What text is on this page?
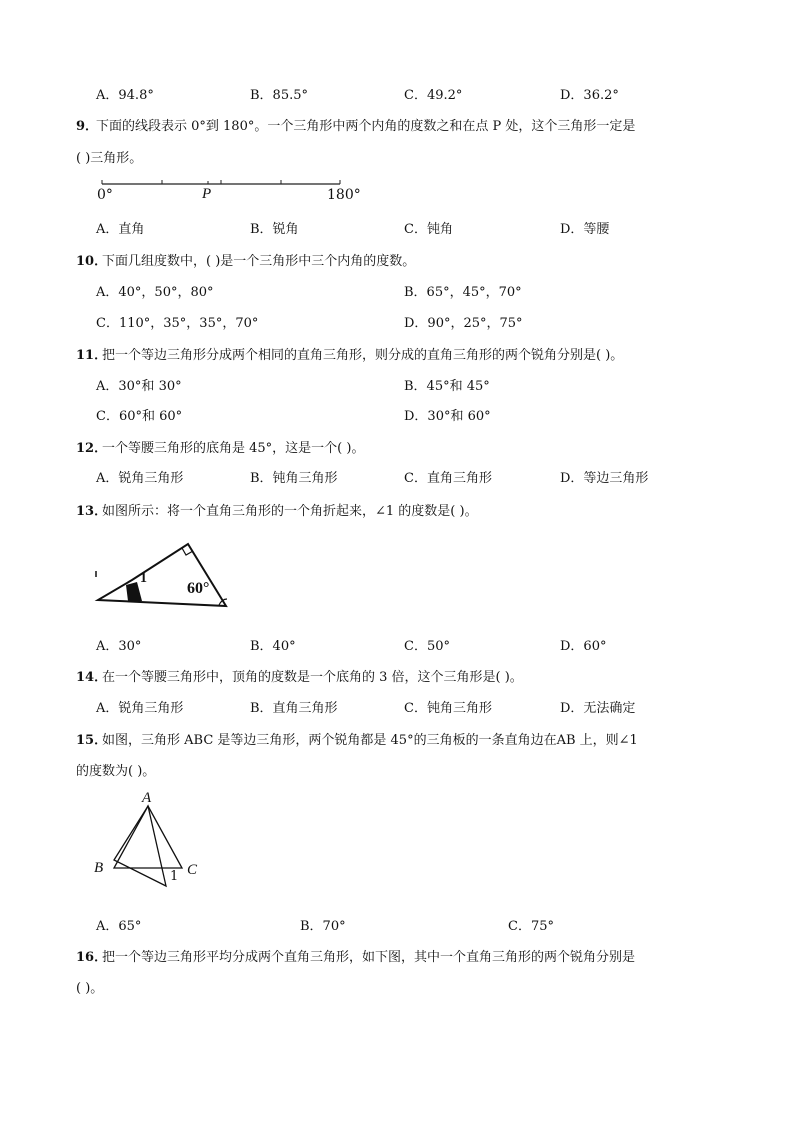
A．94.8°	B．85.5°	C．49.2°	D．36.2°
9．
下面的线段表示 0°到 180°。一个三角形中两个内角的度数之和在点 P 处，这个三角形一定是
( )三角形。
0°	P	180°
A．直角	B．锐角	C．钝角	D．等腰
10．
下面几组度数中，( )是一个三角形中三个内角的度数。
A．40°，50°，80°	B．65°，45°，70°
C．110°，35°，35°，70°	D．90°，25°，75°
11．
把一个等边三角形分成两个相同的直角三角形，则分成的直角三角形的两个锐角分别是( )。
A．30°和 30°	B．45°和 45°
C．60°和 60°	D．30°和 60°
12．
一个等腰三角形的底角是 45°，这是一个( )。
A．锐角三角形	B．钝角三角形	C．直角三角形	D．等边三角形
13．
如图所示：将一个直角三角形的一个角折起来，∠1 的度数是( )。
1
60°
A．30°	B．40°	C．50°	D．60°
14．
在一个等腰三角形中，顶角的度数是一个底角的 3 倍，这个三角形是( )。
A．锐角三角形	B．直角三角形	C．钝角三角形	D．无法确定
15．
如图，三角形 ABC 是等边三角形，两个锐角都是 45°的三角板的一条直角边在AB 上，则∠1
的度数为( )。
A
B	C
1
A．65°	B．70°	C．75°
16．
把一个等边三角形平均分成两个直角三角形，如下图，其中一个直角三角形的两个锐角分别是
( )。
